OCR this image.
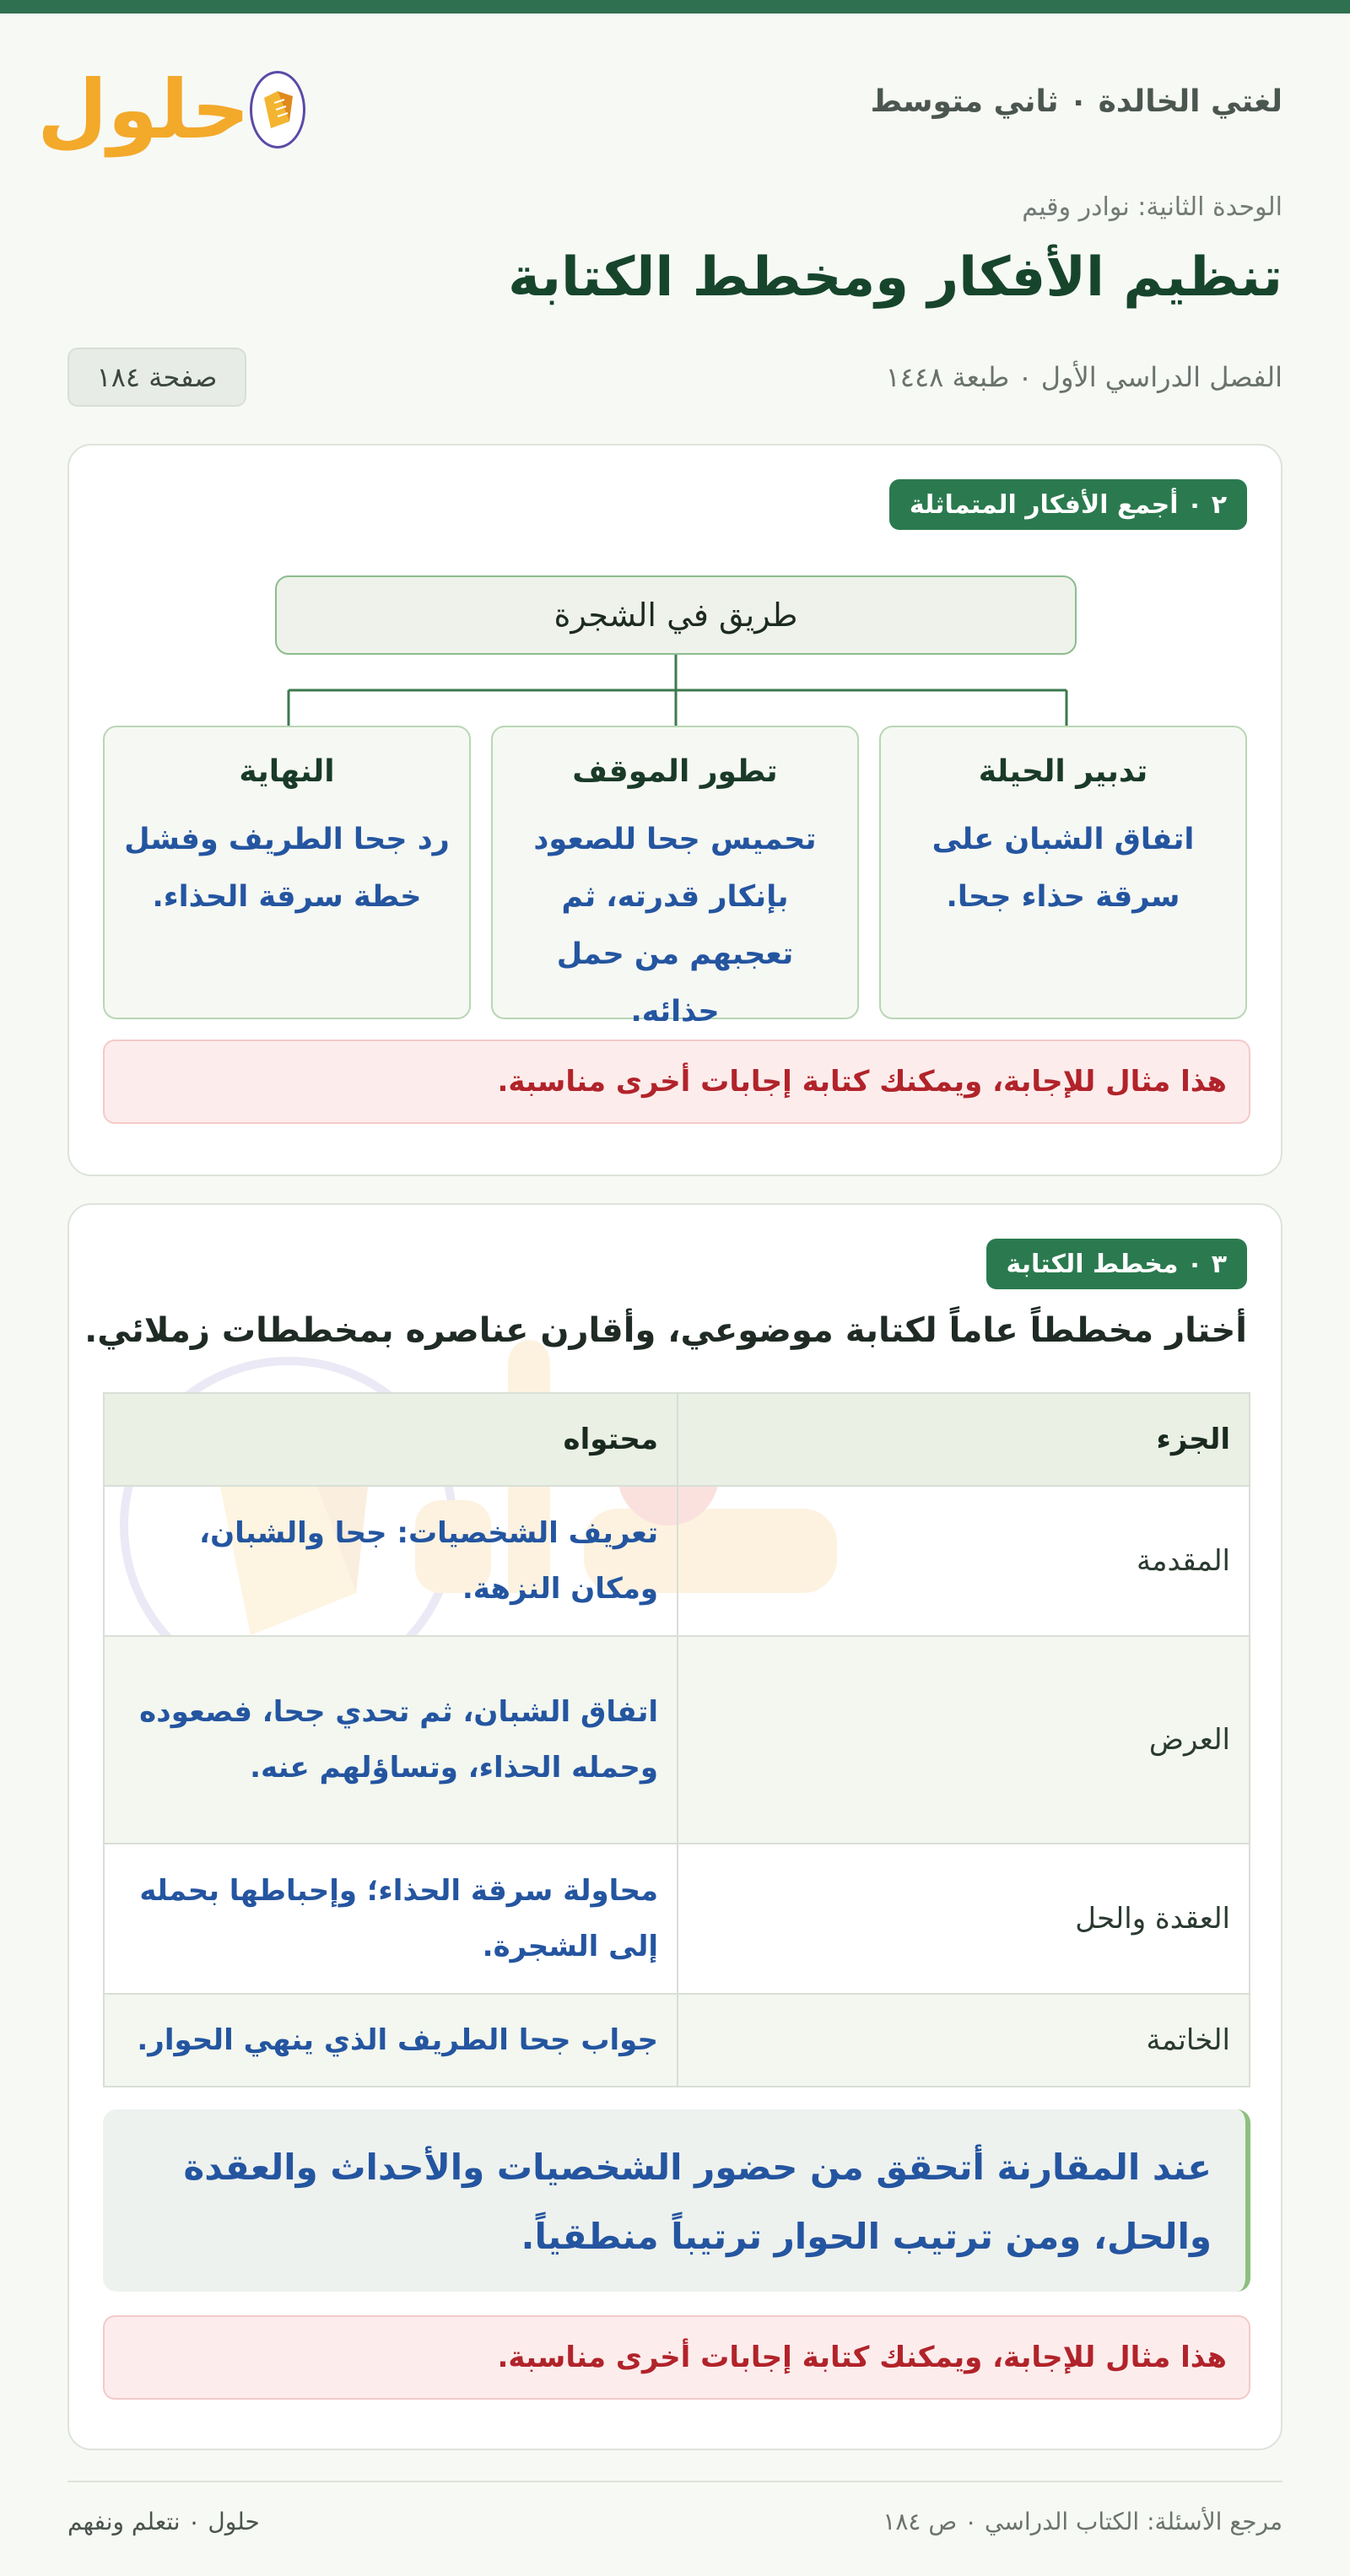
لغتي الخالدة ٠ ثاني متوسط
حلول
الوحدة الثانية: نوادر وقيم
تنظيم الأفكار ومخطط الكتابة
الفصل الدراسي الأول ٠ طبعة ١٤٤٨
صفحة ١٨٤
٢ ٠ أجمع الأفكار المتماثلة
طريق في الشجرة
تدبير الحيلة
اتفاق الشبان على سرقة حذاء جحا.
تطور الموقف
تحميس جحا للصعود بإنكار قدرته، ثم تعجبهم من حمل حذائه.
النهاية
رد جحا الطريف وفشل خطة سرقة الحذاء.
هذا مثال للإجابة، ويمكنك كتابة إجابات أخرى مناسبة.
٣ ٠ مخطط الكتابة
أختار مخططاً عاماً لكتابة موضوعي، وأقارن عناصره بمخططات زملائي.
الجزء	محتواه
المقدمة	تعريف الشخصيات: جحا والشبان، ومكان النزهة.
العرض	اتفاق الشبان، ثم تحدي جحا، فصعوده وحمله الحذاء، وتساؤلهم عنه.
العقدة والحل	محاولة سرقة الحذاء؛ وإحباطها بحمله إلى الشجرة.
الخاتمة	جواب جحا الطريف الذي ينهي الحوار.
عند المقارنة أتحقق من حضور الشخصيات والأحداث والعقدة والحل، ومن ترتيب الحوار ترتيباً منطقياً.
هذا مثال للإجابة، ويمكنك كتابة إجابات أخرى مناسبة.
مرجع الأسئلة: الكتاب الدراسي ٠ ص ١٨٤
حلول ٠ نتعلم ونفهم
